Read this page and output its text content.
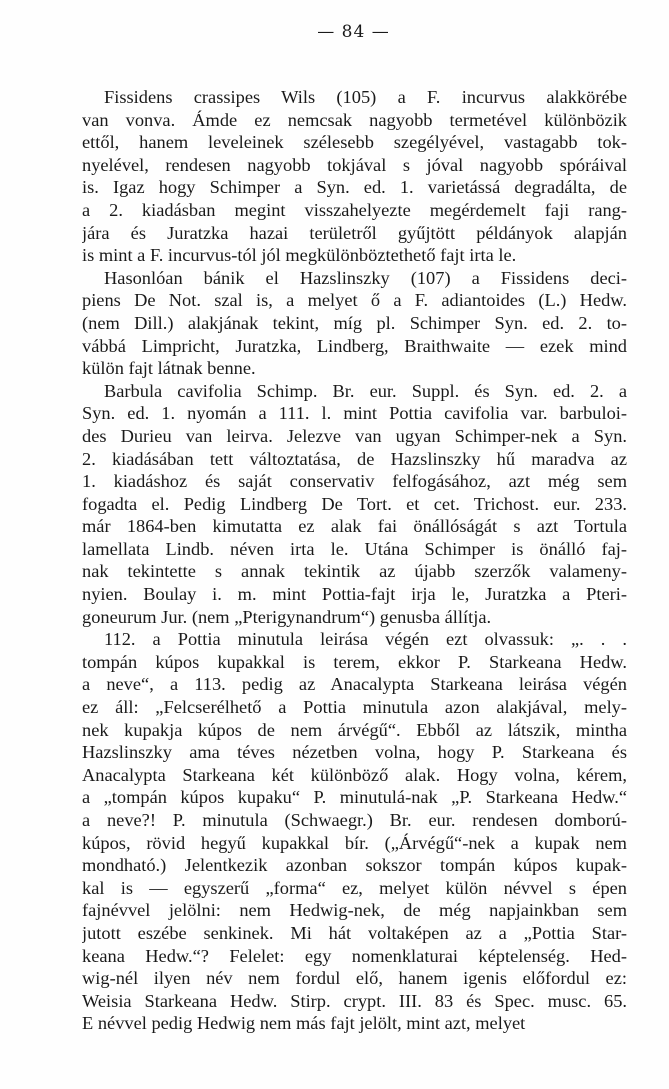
— 84 —
Fissidens crassipes Wils (105) a F. incurvus alakkörébe
van vonva. Ámde ez nemcsak nagyobb termetével különbözik
ettől, hanem leveleinek szélesebb szegélyével, vastagabb tok-
nyelével, rendesen nagyobb tokjával s jóval nagyobb spóráival
is. Igaz hogy Schimper a Syn. ed. 1. varietássá degradálta, de
a 2. kiadásban megint visszahelyezte megérdemelt faji rang-
jára és Juratzka hazai területről gyűjtött példányok alapján
is mint a F. incurvus-tól jól megkülönböztethető fajt irta le.
Hasonlóan bánik el Hazslinszky (107) a Fissidens deci-
piens De Not. szal is, a melyet ő a F. adiantoides (L.) Hedw.
(nem Dill.) alakjának tekint, míg pl. Schimper Syn. ed. 2. to-
vábbá Limpricht, Juratzka, Lindberg, Braithwaite — ezek mind
külön fajt látnak benne.
Barbula cavifolia Schimp. Br. eur. Suppl. és Syn. ed. 2. a
Syn. ed. 1. nyomán a 111. l. mint Pottia cavifolia var. barbuloi-
des Durieu van leirva. Jelezve van ugyan Schimper-nek a Syn.
2. kiadásában tett változtatása, de Hazslinszky hű maradva az
1. kiadáshoz és saját conservativ felfogásához, azt még sem
fogadta el. Pedig Lindberg De Tort. et cet. Trichost. eur. 233.
már 1864-ben kimutatta ez alak fai önállóságát s azt Tortula
lamellata Lindb. néven irta le. Utána Schimper is önálló faj-
nak tekintette s annak tekintik az újabb szerzők valameny-
nyien. Boulay i. m. mint Pottia-fajt irja le, Juratzka a Pteri-
goneurum Jur. (nem „Pterigynandrum“) genusba állítja.
112. a Pottia minutula leirása végén ezt olvassuk: „. . .
tompán kúpos kupakkal is terem, ekkor P. Starkeana Hedw.
a neve“, a 113. pedig az Anacalypta Starkeana leirása végén
ez áll: „Felcserélhető a Pottia minutula azon alakjával, mely-
nek kupakja kúpos de nem árvégű“. Ebből az látszik, mintha
Hazslinszky ama téves nézetben volna, hogy P. Starkeana és
Anacalypta Starkeana két különböző alak. Hogy volna, kérem,
a „tompán kúpos kupaku“ P. minutulá-nak „P. Starkeana Hedw.“
a neve?! P. minutula (Schwaegr.) Br. eur. rendesen domború-
kúpos, rövid hegyű kupakkal bír. („Árvégű“-nek a kupak nem
mondható.) Jelentkezik azonban sokszor tompán kúpos kupak-
kal is — egyszerű „forma“ ez, melyet külön névvel s épen
fajnévvel jelölni: nem Hedwig-nek, de még napjainkban sem
jutott eszébe senkinek. Mi hát voltaképen az a „Pottia Star-
keana Hedw.“? Felelet: egy nomenklaturai képtelenség. Hed-
wig-nél ilyen név nem fordul elő, hanem igenis előfordul ez:
Weisia Starkeana Hedw. Stirp. crypt. III. 83 és Spec. musc. 65.
E névvel pedig Hedwig nem más fajt jelölt, mint azt, melyet
